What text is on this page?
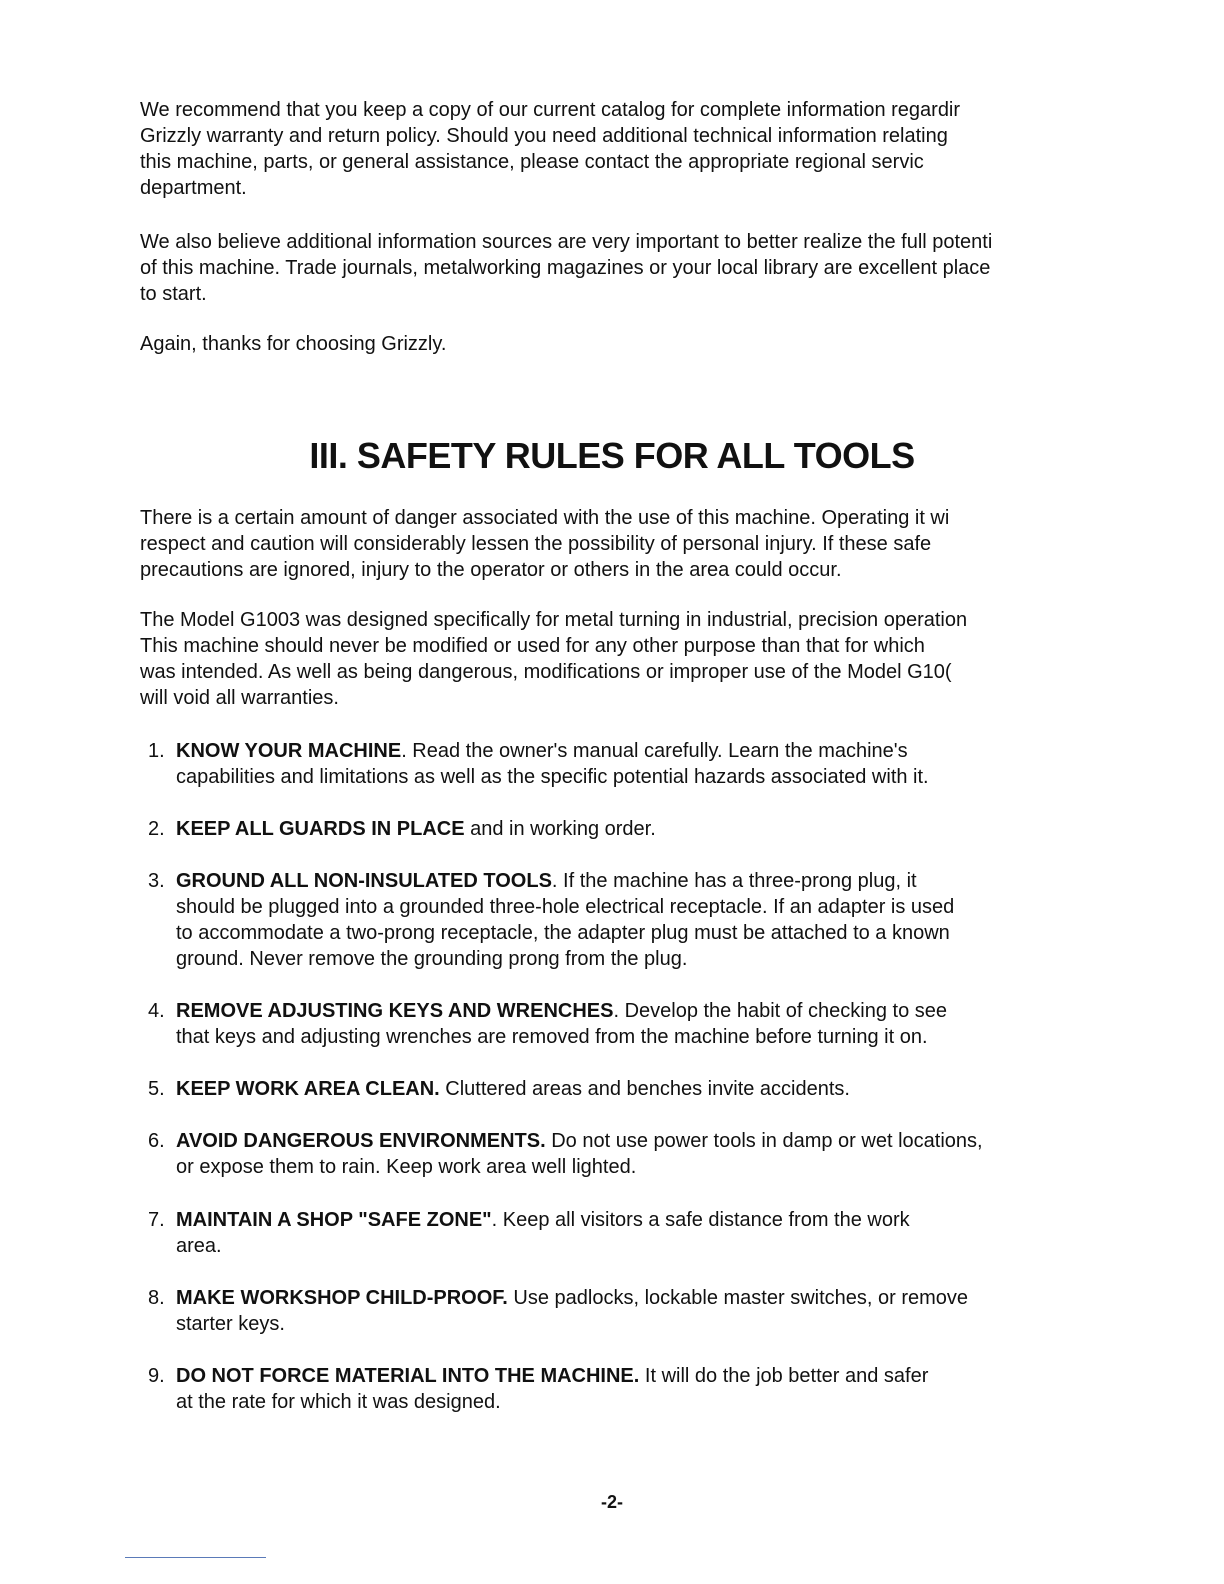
We recommend that you keep a copy of our current catalog for complete information regardir
Grizzly warranty and return policy. Should you need additional technical information relating
this machine, parts, or general assistance, please contact the appropriate regional servic
department.
We also believe additional information sources are very important to better realize the full potenti
of this machine. Trade journals, metalworking magazines or your local library are excellent place
to start.
Again, thanks for choosing Grizzly.
III. SAFETY RULES FOR ALL TOOLS
There is a certain amount of danger associated with the use of this machine. Operating it wi
respect and caution will considerably lessen the possibility of personal injury. If these safe
precautions are ignored, injury to the operator or others in the area could occur.
The Model G1003 was designed specifically for metal turning in industrial, precision operation
This machine should never be modified or used for any other purpose than that for which
was intended. As well as being dangerous, modifications or improper use of the Model G10(
will void all warranties.
1. KNOW YOUR MACHINE. Read the owner's manual carefully. Learn the machine's
capabilities and limitations as well as the specific potential hazards associated with it.
2. KEEP ALL GUARDS IN PLACE and in working order.
3. GROUND ALL NON-INSULATED TOOLS. If the machine has a three-prong plug, it
should be plugged into a grounded three-hole electrical receptacle. If an adapter is used
to accommodate a two-prong receptacle, the adapter plug must be attached to a known
ground. Never remove the grounding prong from the plug.
4. REMOVE ADJUSTING KEYS AND WRENCHES. Develop the habit of checking to see
that keys and adjusting wrenches are removed from the machine before turning it on.
5. KEEP WORK AREA CLEAN. Cluttered areas and benches invite accidents.
6. AVOID DANGEROUS ENVIRONMENTS. Do not use power tools in damp or wet locations,
or expose them to rain. Keep work area well lighted.
7. MAINTAIN A SHOP "SAFE ZONE". Keep all visitors a safe distance from the work
area.
8. MAKE WORKSHOP CHILD-PROOF. Use padlocks, lockable master switches, or remove
starter keys.
9. DO NOT FORCE MATERIAL INTO THE MACHINE. It will do the job better and safer
at the rate for which it was designed.
-2-
